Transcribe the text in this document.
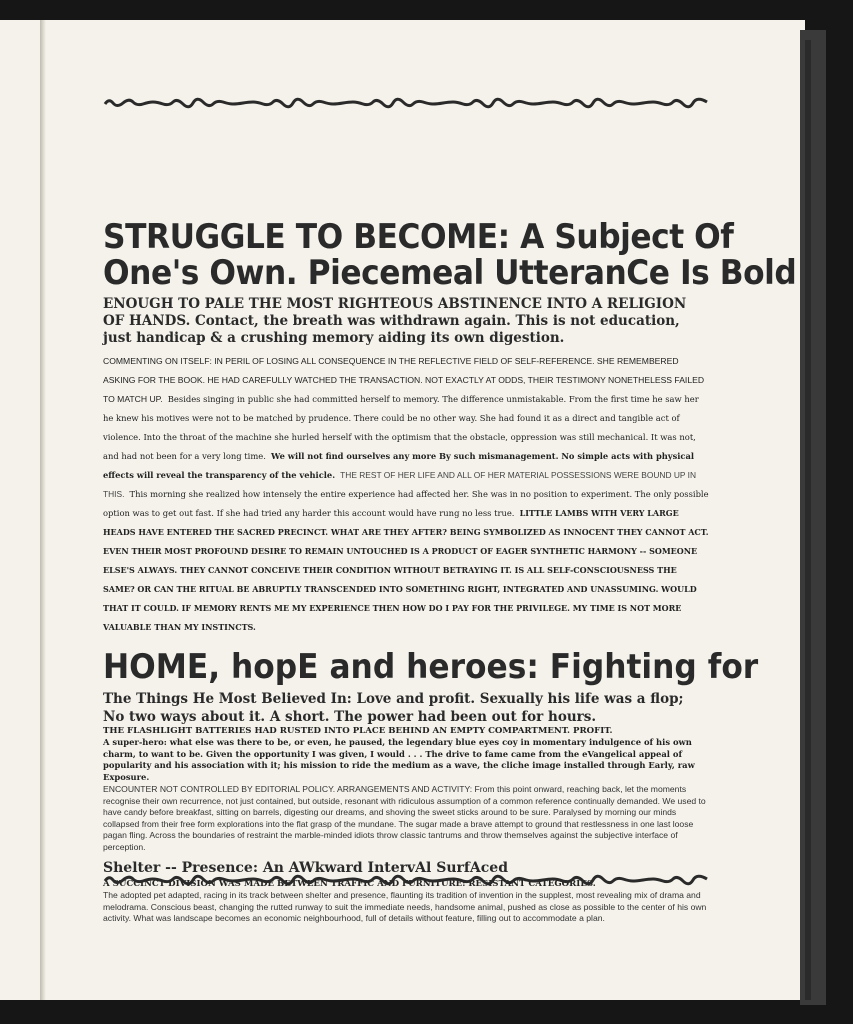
STRUGGLE TO BECOME: A Subject Of
One's Own. Piecemeal UtteranCe Is Bold
ENOUGH TO PALE THE MOST RIGHTEOUS ABSTINENCE INTO A RELIGION OF HANDS. Contact, the breath was withdrawn again. This is not education, just handicap & a crushing memory aiding its own digestion.
COMMENTING ON ITSELF: IN PERIL OF LOSING ALL CONSEQUENCE IN THE REFLECTIVE FIELD OF SELF-REFERENCE. SHE REMEMBERED ASKING FOR THE BOOK. HE HAD CAREFULLY WATCHED THE TRANSACTION. NOT EXACTLY AT ODDS, THEIR TESTIMONY NONETHELESS FAILED TO MATCH UP. Besides singing in public she had committed herself to memory. The difference unmistakable. From the first time he saw her he knew his motives were not to be matched by prudence. There could be no other way. She had found it as a direct and tangible act of violence. Into the throat of the machine she hurled herself with the optimism that the obstacle, oppression was still mechanical. It was not, and had not been for a very long time. We will not find ourselves any more By such mismanagement. No simple acts with physical effects will reveal the transparency of the vehicle. THE REST OF HER LIFE AND ALL OF HER MATERIAL POSSESSIONS WERE BOUND UP IN THIS. This morning she realized how intensely the entire experience had affected her. She was in no position to experiment. The only possible option was to get out fast. If she had tried any harder this account would have rung no less true. LITTLE LAMBS WITH VERY LARGE HEADS HAVE ENTERED THE SACRED PRECINCT. WHAT ARE THEY AFTER? BEING SYMBOLIZED AS INNOCENT THEY CANNOT ACT. EVEN THEIR MOST PROFOUND DESIRE TO REMAIN UNTOUCHED IS A PRODUCT OF EAGER SYNTHETIC HARMONY -- SOMEONE ELSE'S ALWAYS. THEY CANNOT CONCEIVE THEIR CONDITION WITHOUT BETRAYING IT. IS ALL SELF-CONSCIOUSNESS THE SAME? OR CAN THE RITUAL BE ABRUPTLY TRANSCENDED INTO SOMETHING RIGHT, INTEGRATED AND UNASSUMING. WOULD THAT IT COULD. IF MEMORY RENTS ME MY EXPERIENCE THEN HOW DO I PAY FOR THE PRIVILEGE. MY TIME IS NOT MORE VALUABLE THAN MY INSTINCTS.
HOME, hopE and heroes: Fighting for
The Things He Most Believed In: Love and profit. Sexually his life was a flop; No two ways about it. A short. The power had been out for hours.
THE FLASHLIGHT BATTERIES HAD RUSTED INTO PLACE BEHIND AN EMPTY COMPARTMENT. PROFIT.
A super-hero: what else was there to be, or even, he paused, the legendary blue eyes coy in momentary indulgence of his own charm, to want to be. Given the opportunity I was given, I would . . . The drive to fame came from the eVangelical appeal of popularity and his association with it; his mission to ride the medium as a wave, the cliche image installed through Early, raw Exposure.
ENCOUNTER NOT CONTROLLED BY EDITORIAL POLICY. ARRANGEMENTS AND ACTIVITY: From this point onward, reaching back, let the moments recognise their own recurrence, not just contained, but outside, resonant with ridiculous assumption of a common reference continually demanded. We used to have candy before breakfast, sitting on barrels, digesting our dreams, and shoving the sweet sticks around to be sure. Paralysed by morning our minds collapsed from their free form explorations into the flat grasp of the mundane. The sugar made a brave attempt to ground that restlessness in one last loose pagan fling. Across the boundaries of restraint the marble-minded idiots throw classic tantrums and throw themselves against the subjective interface of perception.
Shelter -- Presence: An AWkward IntervAl SurfAced
A SUCCINCT DIVISION WAS MADE BETWEEN TRAFFIC AND FURNITURE: RESISTANT CATEGORIES.
The adopted pet adapted, racing in its track between shelter and presence, flaunting its tradition of invention in the supplest, most revealing mix of drama and melodrama. Conscious beast, changing the rutted runway to suit the immediate needs, handsome animal, pushed as close as possible to the center of his own activity. What was landscape becomes an economic neighbourhood, full of details without feature, filling out to accommodate a plan.
